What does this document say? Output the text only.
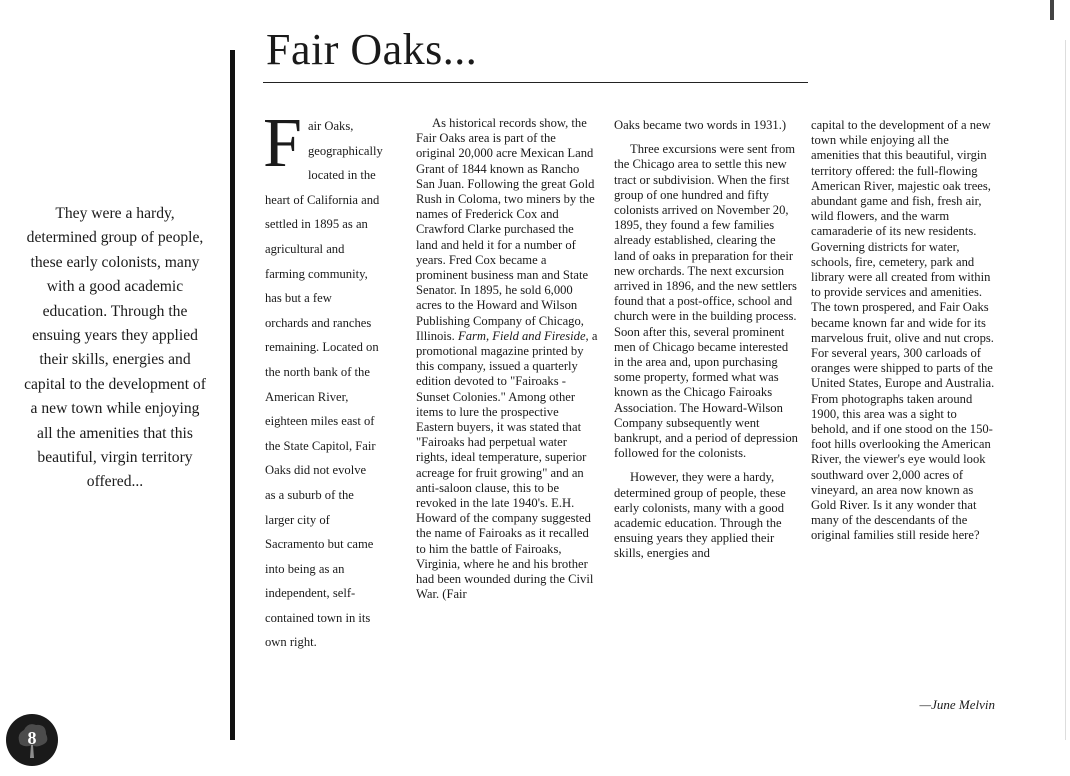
They were a hardy, determined group of people, these early colonists, many with a good academic education. Through the ensuing years they applied their skills, energies and capital to the development of a new town while enjoying all the amenities that this beautiful, virgin territory offered...
Fair Oaks...
F air Oaks,
geographically
located in the
heart of California and
settled in 1895 as an
agricultural and
farming community,
has but a few
orchards and ranches
remaining. Located on
the north bank of the
American River,
eighteen miles east of
the State Capitol, Fair
Oaks did not evolve
as a suburb of the
larger city of
Sacramento but came
into being as an
independent, self-
contained town in its
own right.

As historical records show, the Fair Oaks area is part of the original 20,000 acre Mexican Land Grant of 1844 known as Rancho San Juan. Following the great Gold Rush in Coloma, two miners by the names of Frederick Cox and Crawford Clarke purchased the land and held it for a number of years. Fred Cox became a prominent business man and State Senator. In 1895, he sold 6,000 acres to the Howard and Wilson Publishing Company of Chicago, Illinois. Farm, Field and Fireside, a promotional magazine printed by this company, issued a quarterly edition devoted to "Fairoaks - Sunset Colonies." Among other items to lure the prospective Eastern buyers, it was stated that "Fairoaks had perpetual water rights, ideal temperature, superior acreage for fruit growing" and an anti-saloon clause, this to be revoked in the late 1940's. E.H. Howard of the company suggested the name of Fairoaks as it recalled to him the battle of Fairoaks, Virginia, where he and his brother had been wounded during the Civil War. (Fair

Oaks became two words in 1931.)

Three excursions were sent from the Chicago area to settle this new tract or subdivision. When the first group of one hundred and fifty colonists arrived on November 20, 1895, they found a few families already established, clearing the land of oaks in preparation for their new orchards. The next excursion arrived in 1896, and the new settlers found that a post-office, school and church were in the building process. Soon after this, several prominent men of Chicago became interested in the area and, upon purchasing some property, formed what was known as the Chicago Fairoaks Association. The Howard-Wilson Company subsequently went bankrupt, and a period of depression followed for the colonists.

However, they were a hardy, determined group of people, these early colonists, many with a good academic education. Through the ensuing years they applied their skills, energies and

capital to the development of a new town while enjoying all the amenities that this beautiful, virgin territory offered: the full-flowing American River, majestic oak trees, abundant game and fish, fresh air, wild flowers, and the warm camaraderie of its new residents. Governing districts for water, schools, fire, cemetery, park and library were all created from within to provide services and amenities. The town prospered, and Fair Oaks became known far and wide for its marvelous fruit, olive and nut crops. For several years, 300 carloads of oranges were shipped to parts of the United States, Europe and Australia. From photographs taken around 1900, this area was a sight to behold, and if one stood on the 150-foot hills overlooking the American River, the viewer's eye would look southward over 2,000 acres of vineyard, an area now known as Gold River. Is it any wonder that many of the descendants of the original families still reside here?

—June Melvin
8
